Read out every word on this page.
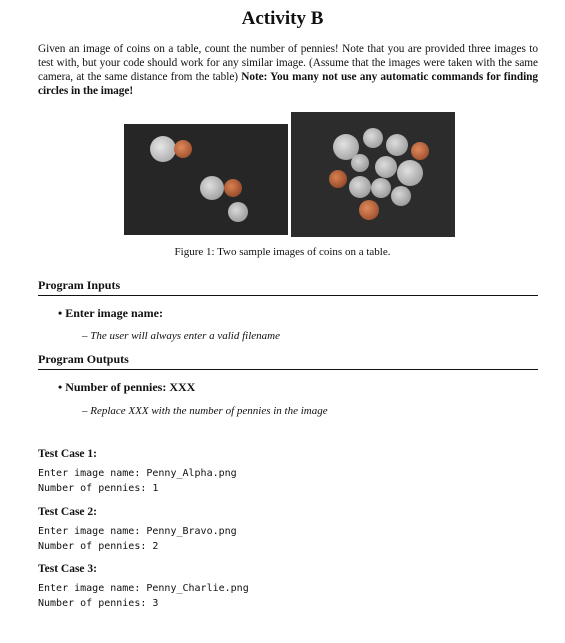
Activity B
Given an image of coins on a table, count the number of pennies! Note that you are provided three images to test with, but your code should work for any similar image. (Assume that the images were taken with the same camera, at the same distance from the table) Note: You many not use any automatic commands for finding circles in the image!
Figure 1: Two sample images of coins on a table.
Program Inputs
• Enter image name:
– The user will always enter a valid filename
Program Outputs
• Number of pennies: XXX
– Replace XXX with the number of pennies in the image
Test Case 1:
Enter image name: Penny_Alpha.png
Number of pennies: 1
Test Case 2:
Enter image name: Penny_Bravo.png
Number of pennies: 2
Test Case 3:
Enter image name: Penny_Charlie.png
Number of pennies: 3
